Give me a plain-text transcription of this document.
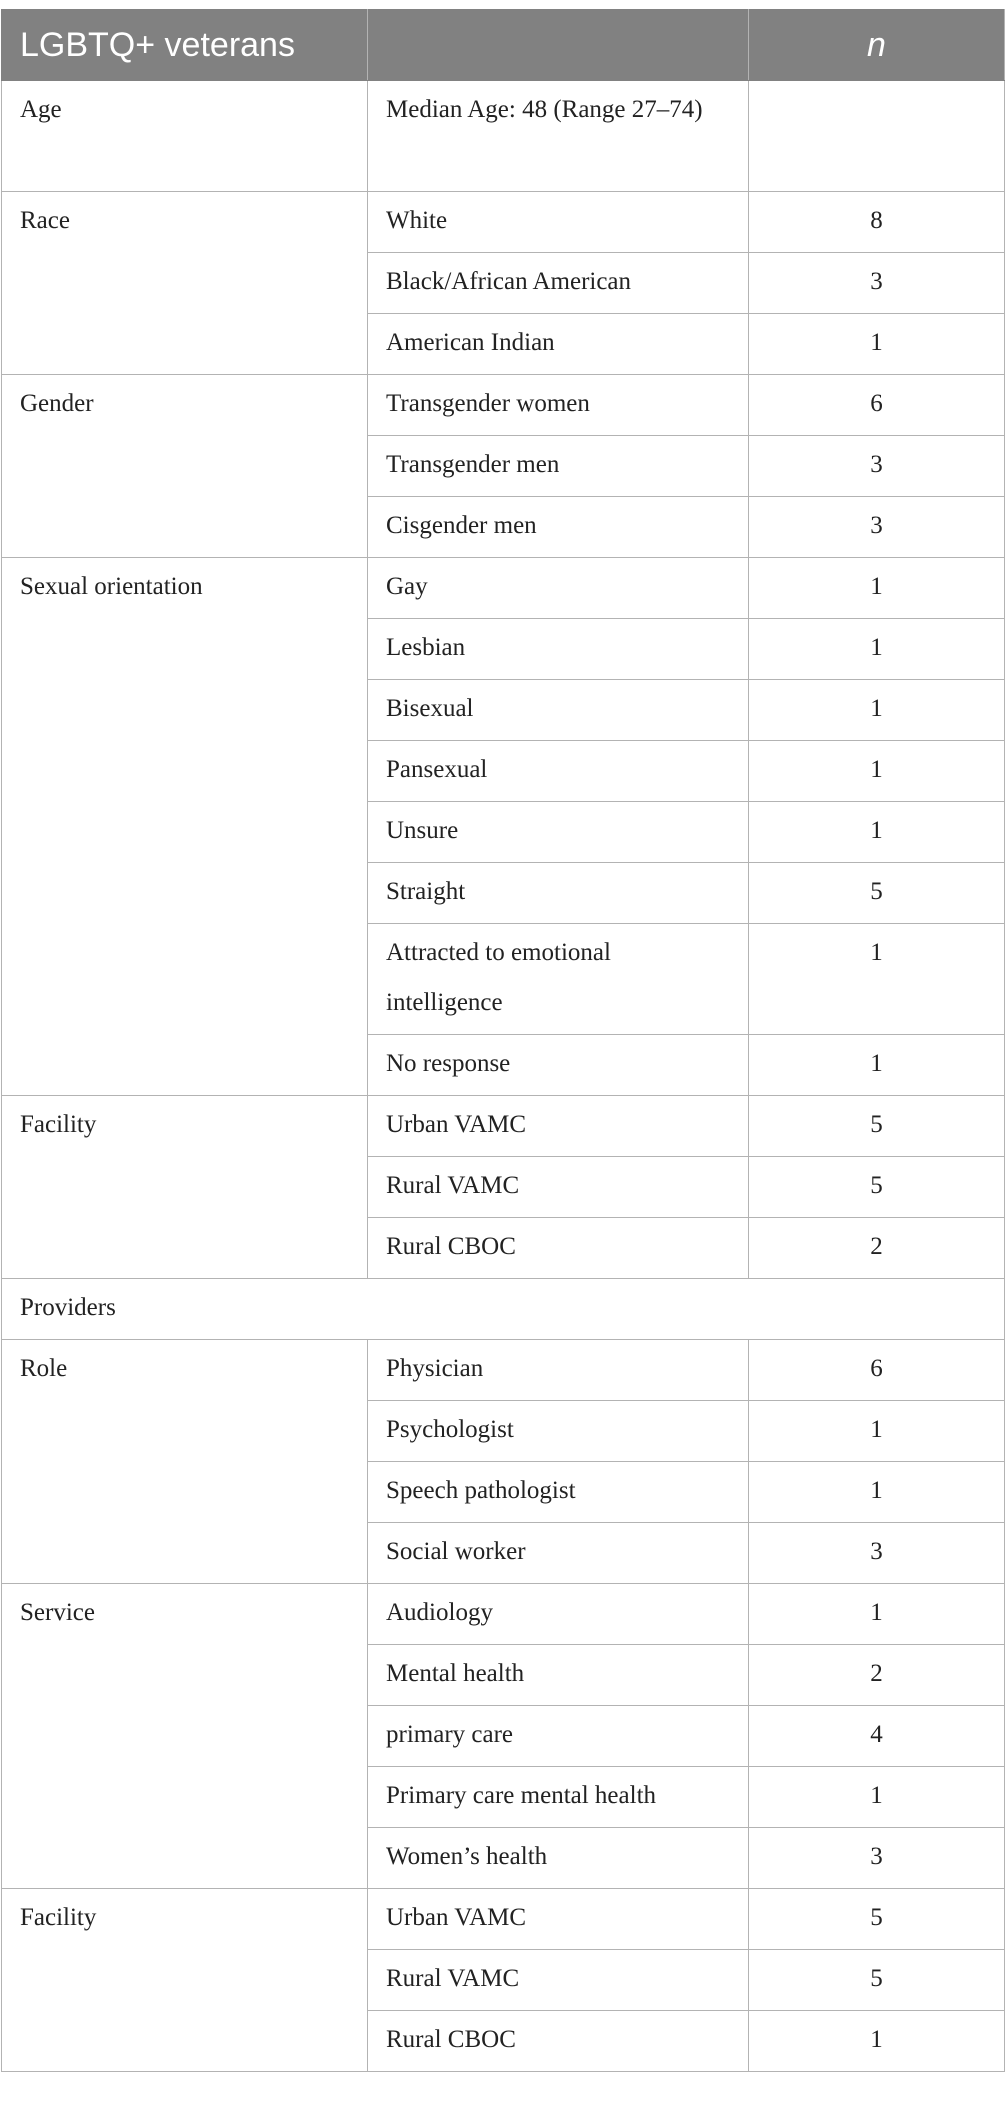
LGBTQ+ veterans		n
Age	Median Age: 48 (Range 27–74)	
Race	White	8
	Black/African American	3
	American Indian	1
Gender	Transgender women	6
	Transgender men	3
	Cisgender men	3
Sexual orientation	Gay	1
	Lesbian	1
	Bisexual	1
	Pansexual	1
	Unsure	1
	Straight	5
	Attracted to emotional intelligence	1
	No response	1
Facility	Urban VAMC	5
	Rural VAMC	5
	Rural CBOC	2
Providers		
Role	Physician	6
	Psychologist	1
	Speech pathologist	1
	Social worker	3
Service	Audiology	1
	Mental health	2
	primary care	4
	Primary care mental health	1
	Women’s health	3
Facility	Urban VAMC	5
	Rural VAMC	5
	Rural CBOC	1
